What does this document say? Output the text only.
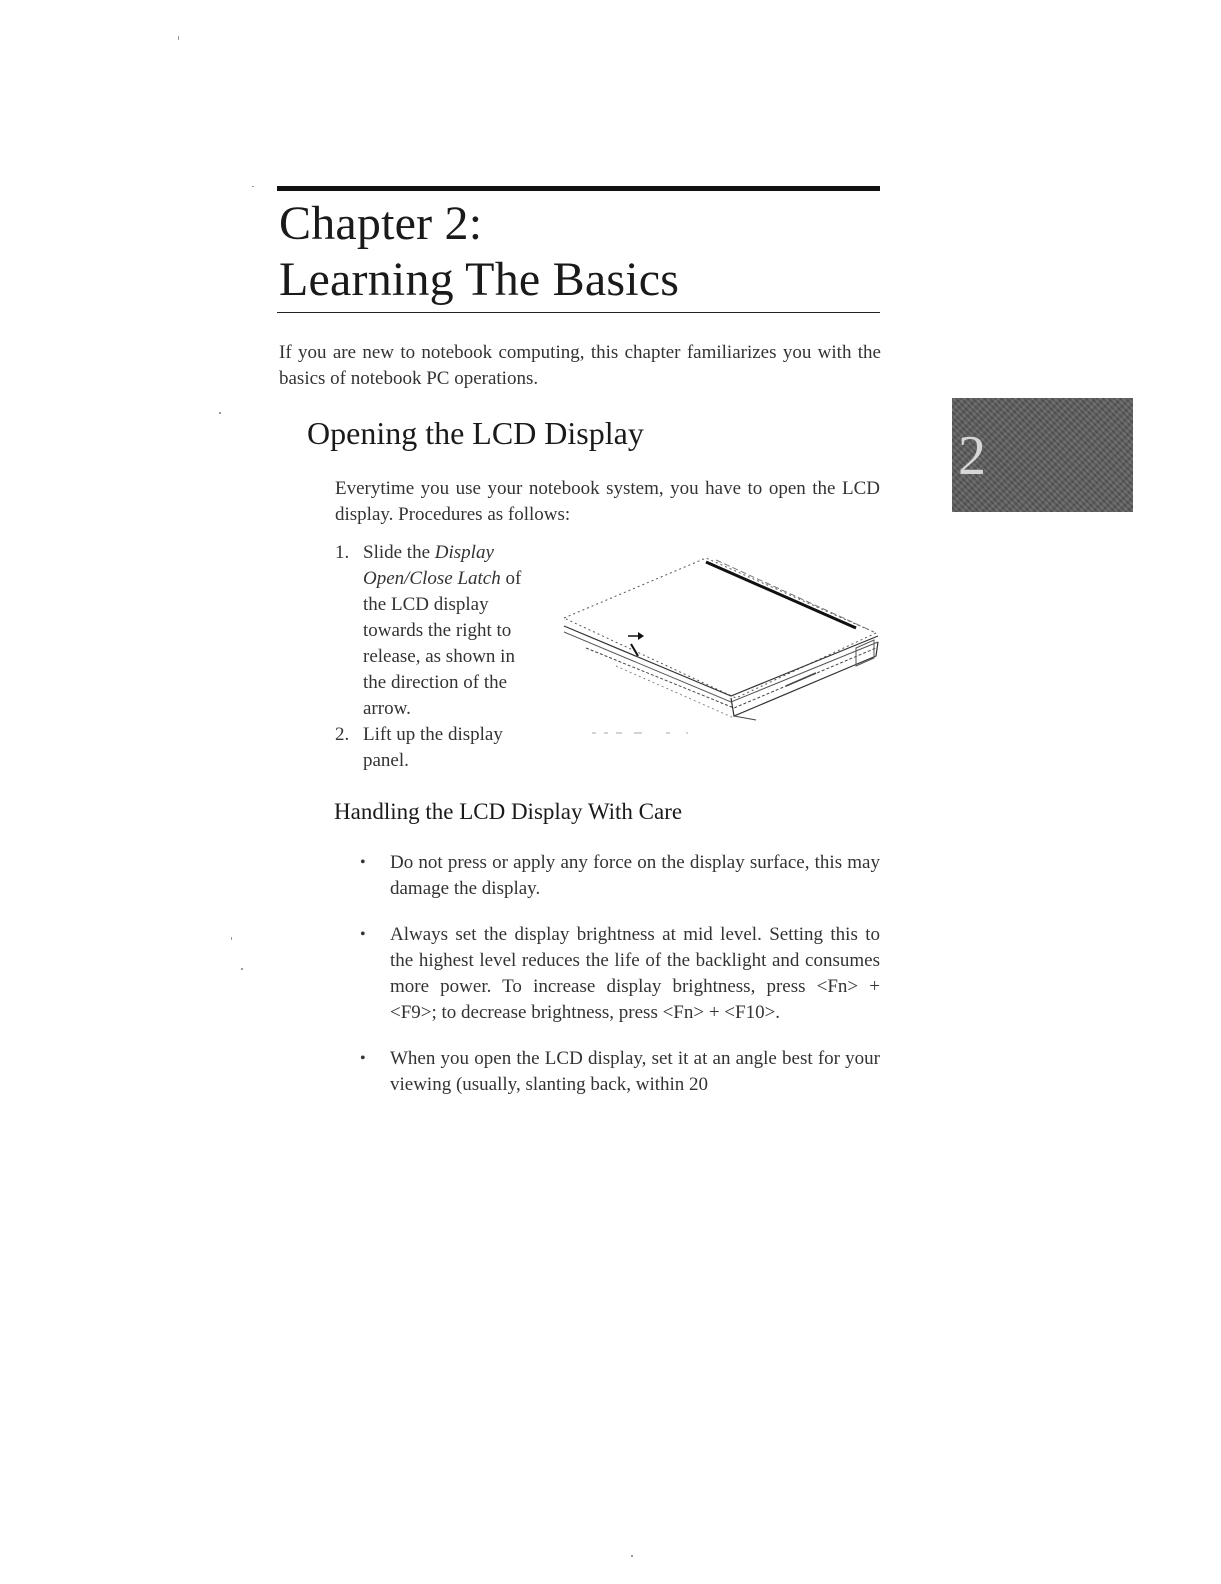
Chapter 2:
Learning The Basics
If you are new to notebook computing, this chapter familiarizes you with the basics of notebook PC operations.
Opening the LCD Display
Everytime you use your notebook system, you have to open the LCD display. Procedures as follows:
1. Slide the Display Open/Close Latch of the LCD display towards the right to release, as shown in the direction of the arrow.
2. Lift up the display panel.
Handling the LCD Display With Care
•	Do not press or apply any force on the display surface, this may damage the display.
•	Always set the display brightness at mid level. Setting this to the highest level reduces the life of the backlight and consumes more power. To increase display brightness, press <Fn> + <F9>; to decrease brightness, press <Fn> + <F10>.
•	When you open the LCD display, set it at an angle best for your viewing (usually, slanting back, within 20
2
